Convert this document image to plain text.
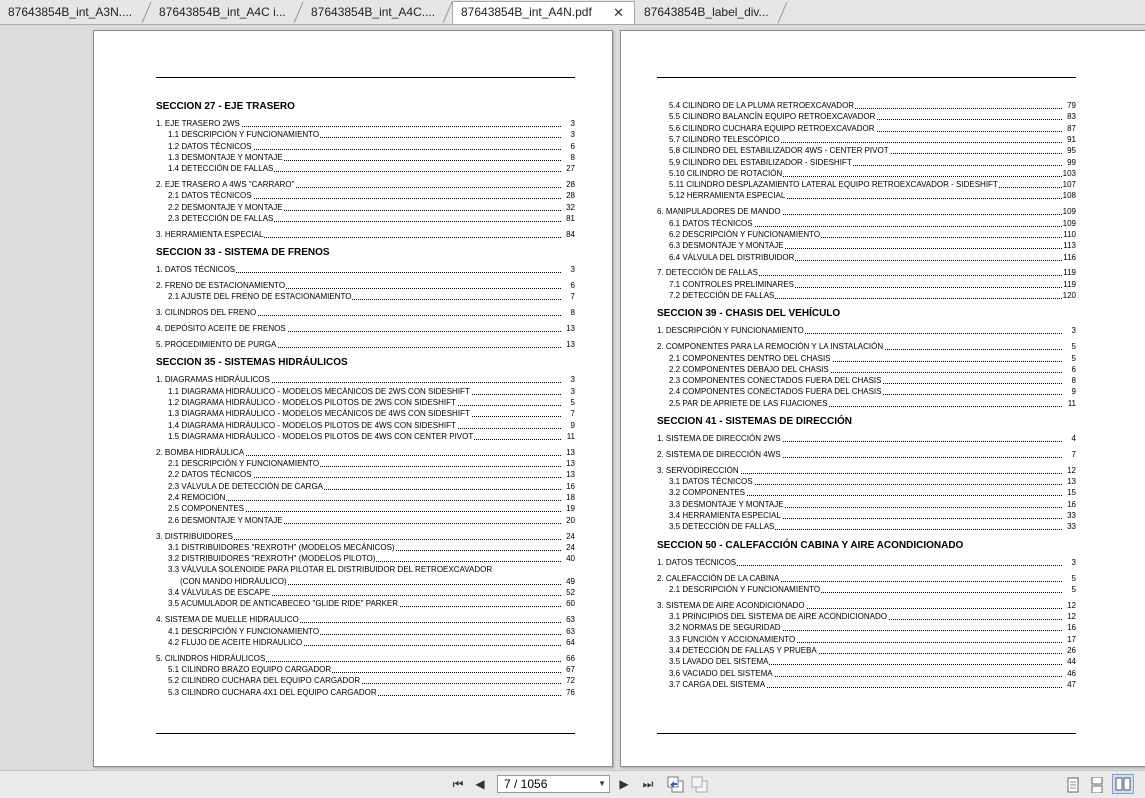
87643854B_int_A3N....	87643854B_int_A4C i...	87643854B_int_A4C....	87643854B_int_A4N.pdf ✕	87643854B_label_div...
SECCION 27 - EJE TRASERO
1. EJE TRASERO 2WS	3
1.1 DESCRIPCIÓN Y FUNCIONAMIENTO	3
1.2 DATOS TÉCNICOS	6
1.3 DESMONTAJE Y MONTAJE	8
1.4 DETECCIÓN DE FALLAS	27
2. EJE TRASERO A 4WS "CARRARO"	28
2.1 DATOS TÉCNICOS	28
2.2 DESMONTAJE Y MONTAJE	32
2.3 DETECCIÓN DE FALLAS	81
3. HERRAMIENTA ESPECIAL	84
SECCION 33 - SISTEMA DE FRENOS
1. DATOS TÉCNICOS	3
2. FRENO DE ESTACIONAMIENTO	6
2.1 AJUSTE DEL FRENO DE ESTACIONAMIENTO	7
3. CILINDROS DEL FRENO	8
4. DEPÓSITO ACEITE DE FRENOS	13
5. PROCEDIMIENTO DE PURGA	13
SECCION 35 - SISTEMAS HIDRÁULICOS
1. DIAGRAMAS HIDRÁULICOS	3
1.1 DIAGRAMA HIDRÁULICO - MODELOS MECÁNICOS DE 2WS CON SIDESHIFT	3
1.2 DIAGRAMA HIDRÁULICO - MODELOS PILOTOS DE 2WS CON SIDESHIFT	5
1.3 DIAGRAMA HIDRÁULICO - MODELOS MECÁNICOS DE 4WS CON SIDESHIFT	7
1.4 DIAGRAMA HIDRÁULICO - MODELOS PILOTOS DE 4WS CON SIDESHIFT	9
1.5 DIAGRAMA HIDRÁULICO - MODELOS PILOTOS DE 4WS CON CENTER PIVOT	11
2. BOMBA HIDRÁULICA	13
2.1 DESCRIPCIÓN Y FUNCIONAMIENTO	13
2.2 DATOS TÉCNICOS	13
2.3 VÁLVULA DE DETECCIÓN DE CARGA	16
2.4 REMOCIÓN	18
2.5 COMPONENTES	19
2.6 DESMONTAJE Y MONTAJE	20
3. DISTRIBUIDORES	24
3.1 DISTRIBUIDORES "REXROTH" (MODELOS MECÁNICOS)	24
3.2 DISTRIBUIDORES "REXROTH" (MODELOS PILOTO)	40
3.3 VÁLVULA SOLENOIDE PARA PILOTAR EL DISTRIBUIDOR DEL RETROEXCAVADOR
(CON MANDO HIDRÁULICO)	49
3.4 VÁLVULAS DE ESCAPE	52
3.5 ACUMULADOR DE ANTICABECEO "GLIDE RIDE" PARKER	60
4. SISTEMA DE MUELLE HIDRAULICO	63
4.1 DESCRIPCIÓN Y FUNCIONAMIENTO	63
4.2 FLUJO DE ACEITE HIDRAULICO	64
5. CILINDROS HIDRÁULICOS	66
5.1 CILINDRO BRAZO EQUIPO CARGADOR	67
5.2 CILINDRO CUCHARA DEL EQUIPO CARGADOR	72
5.3 CILINDRO CUCHARA 4X1 DEL EQUIPO CARGADOR	76
5.4 CILINDRO DE LA PLUMA RETROEXCAVADOR	79
5.5 CILINDRO BALANCÍN EQUIPO RETROEXCAVADOR	83
5.6 CILINDRO CUCHARA EQUIPO RETROEXCAVADOR	87
5.7 CILINDRO TELESCÓPICO	91
5.8 CILINDRO DEL ESTABILIZADOR 4WS - CENTER PIVOT	95
5.9 CILINDRO DEL ESTABILIZADOR - SIDESHIFT	99
5.10 CILINDRO DE ROTACIÓN	103
5.11 CILINDRO DESPLAZAMIENTO LATERAL EQUIPO RETROEXCAVADOR - SIDESHIFT	107
5.12 HERRAMIENTA ESPECIAL	108
6. MANIPULADORES DE MANDO	109
6.1 DATOS TÉCNICOS	109
6.2 DESCRIPCIÓN Y FUNCIONAMIENTO	110
6.3 DESMONTAJE Y MONTAJE	113
6.4 VÁLVULA DEL DISTRIBUIDOR	116
7. DETECCIÓN DE FALLAS	119
7.1 CONTROLES PRELIMINARES	119
7.2 DETECCIÓN DE FALLAS	120
SECCION 39 - CHASIS DEL VEHÍCULO
1. DESCRIPCIÓN Y FUNCIONAMIENTO	3
2. COMPONENTES PARA LA REMOCIÓN Y LA INSTALACIÓN	5
2.1 COMPONENTES DENTRO DEL CHASIS	5
2.2 COMPONENTES DEBAJO DEL CHASIS	6
2.3 COMPONENTES CONECTADOS FUERA DEL CHASIS	8
2.4 COMPONENTES CONECTADOS FUERA DEL CHASIS	9
2.5 PAR DE APRIETE DE LAS FIJACIONES	11
SECCION 41 - SISTEMAS DE DIRECCIÓN
1. SISTEMA DE DIRECCIÓN 2WS	4
2. SISTEMA DE DIRECCIÓN 4WS	7
3. SERVODIRECCIÓN	12
3.1 DATOS TÉCNICOS	13
3.2 COMPONENTES	15
3.3 DESMONTAJE Y MONTAJE	16
3.4 HERRAMIENTA ESPECIAL	33
3.5 DETECCIÓN DE FALLAS	33
SECCION 50 - CALEFACCIÓN CABINA Y AIRE ACONDICIONADO
1. DATOS TÉCNICOS	3
2. CALEFACCIÓN DE LA CABINA	5
2.1 DESCRIPCIÓN Y FUNCIONAMIENTO	5
3. SISTEMA DE AIRE ACONDICIONADO	12
3.1 PRINCIPIOS DEL SISTEMA DE AIRE ACONDICIONADO	12
3.2 NORMAS DE SEGURIDAD	16
3.3 FUNCIÓN Y ACCIONAMIENTO	17
3.4 DETECCIÓN DE FALLAS Y PRUEBA	26
3.5 LAVADO DEL SISTEMA	44
3.6 VACIADO DEL SISTEMA	46
3.7 CARGA DEL SISTEMA	47
⏮ ◀	7 / 1056	▼ ▶ ⏭
